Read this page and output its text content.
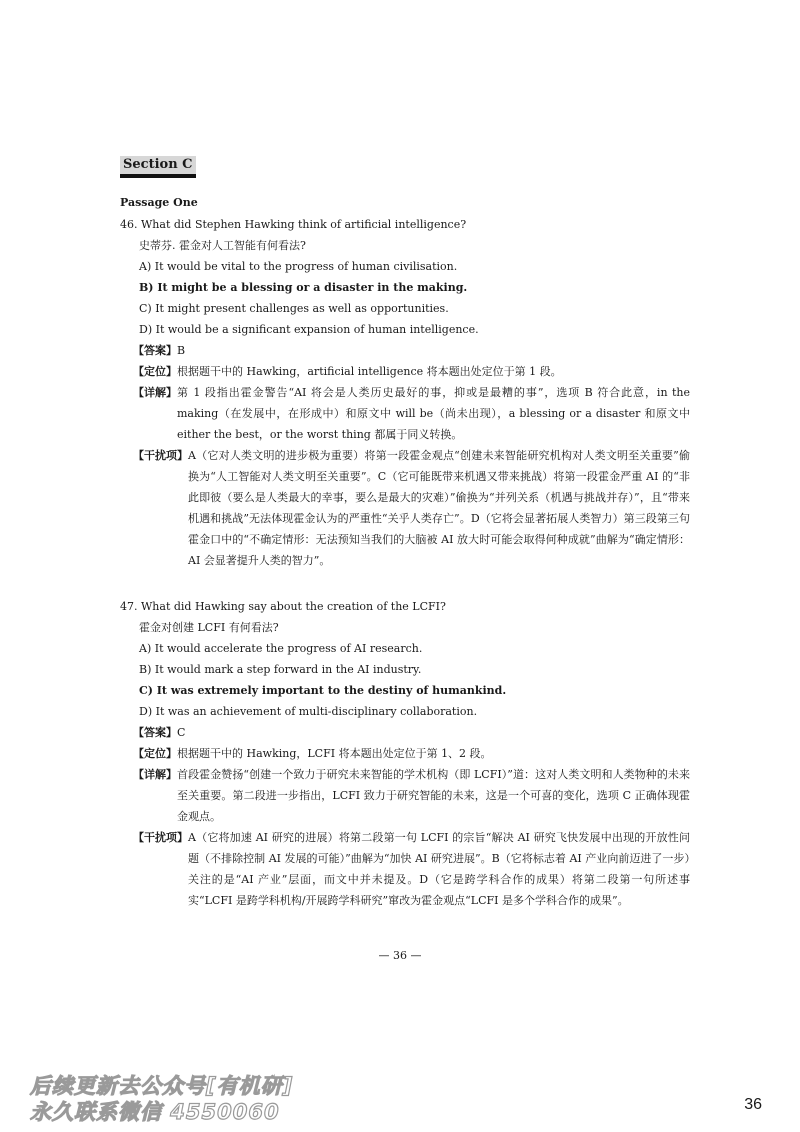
Section C
Passage One
46. What did Stephen Hawking think of artificial intelligence?
史蒂芬. 霍金对人工智能有何看法?
A) It would be vital to the progress of human civilisation.
B) It might be a blessing or a disaster in the making.
C) It might present challenges as well as opportunities.
D) It would be a significant expansion of human intelligence.
【答案】 B
【定位】 根据题干中的 Hawking，artificial intelligence 将本题出处定位于第 1 段。
【详解】 第 1 段指出霍金警告“AI 将会是人类历史最好的事，抑或是最糟的事”，选项 B 符合此意，in the making（在发展中，在形成中）和原文中 will be（尚未出现），a blessing or a disaster 和原文中 either the best，or the worst thing 都属于同义转换。
【干扰项】 A（它对人类文明的进步极为重要）将第一段霍金观点“创建未来智能研究机构对人类文明至关重要”偷换为“人工智能对人类文明至关重要”。C（它可能既带来机遇又带来挑战）将第一段霍金严重 AI 的“非此即彼（要么是人类最大的幸事，要么是最大的灾难）”偷换为“并列关系（机遇与挑战并存）”，且“带来机遇和挑战”无法体现霍金认为的严重性“关乎人类存亡”。D（它将会显著拓展人类智力）第三段第三句霍金口中的“不确定情形：无法预知当我们的大脑被 AI 放大时可能会取得何种成就”曲解为“确定情形：AI 会显著提升人类的智力”。
47. What did Hawking say about the creation of the LCFI?
霍金对创建 LCFI 有何看法?
A) It would accelerate the progress of AI research.
B) It would mark a step forward in the AI industry.
C) It was extremely important to the destiny of humankind.
D) It was an achievement of multi-disciplinary collaboration.
【答案】 C
【定位】 根据题干中的 Hawking，LCFI 将本题出处定位于第 1、2 段。
【详解】 首段霍金赞扬“创建一个致力于研究未来智能的学术机构（即 LCFI）”道：这对人类文明和人类物种的未来至关重要。第二段进一步指出，LCFI 致力于研究智能的未来，这是一个可喜的变化，选项 C 正确体现霍金观点。
【干扰项】 A（它将加速 AI 研究的进展）将第二段第一句 LCFI 的宗旨“解决 AI 研究飞快发展中出现的开放性问题（不排除控制 AI 发展的可能）”曲解为“加快 AI 研究进展”。B（它将标志着 AI 产业向前迈进了一步）关注的是“AI 产业”层面，而文中并未提及。D（它是跨学科合作的成果）将第二段第一句所述事实“LCFI 是跨学科机构/开展跨学科研究”窜改为霍金观点“LCFI 是多个学科合作的成果”。
— 36 —
36
后续更新去公众号[有机研]
永久联系微信 4550060
